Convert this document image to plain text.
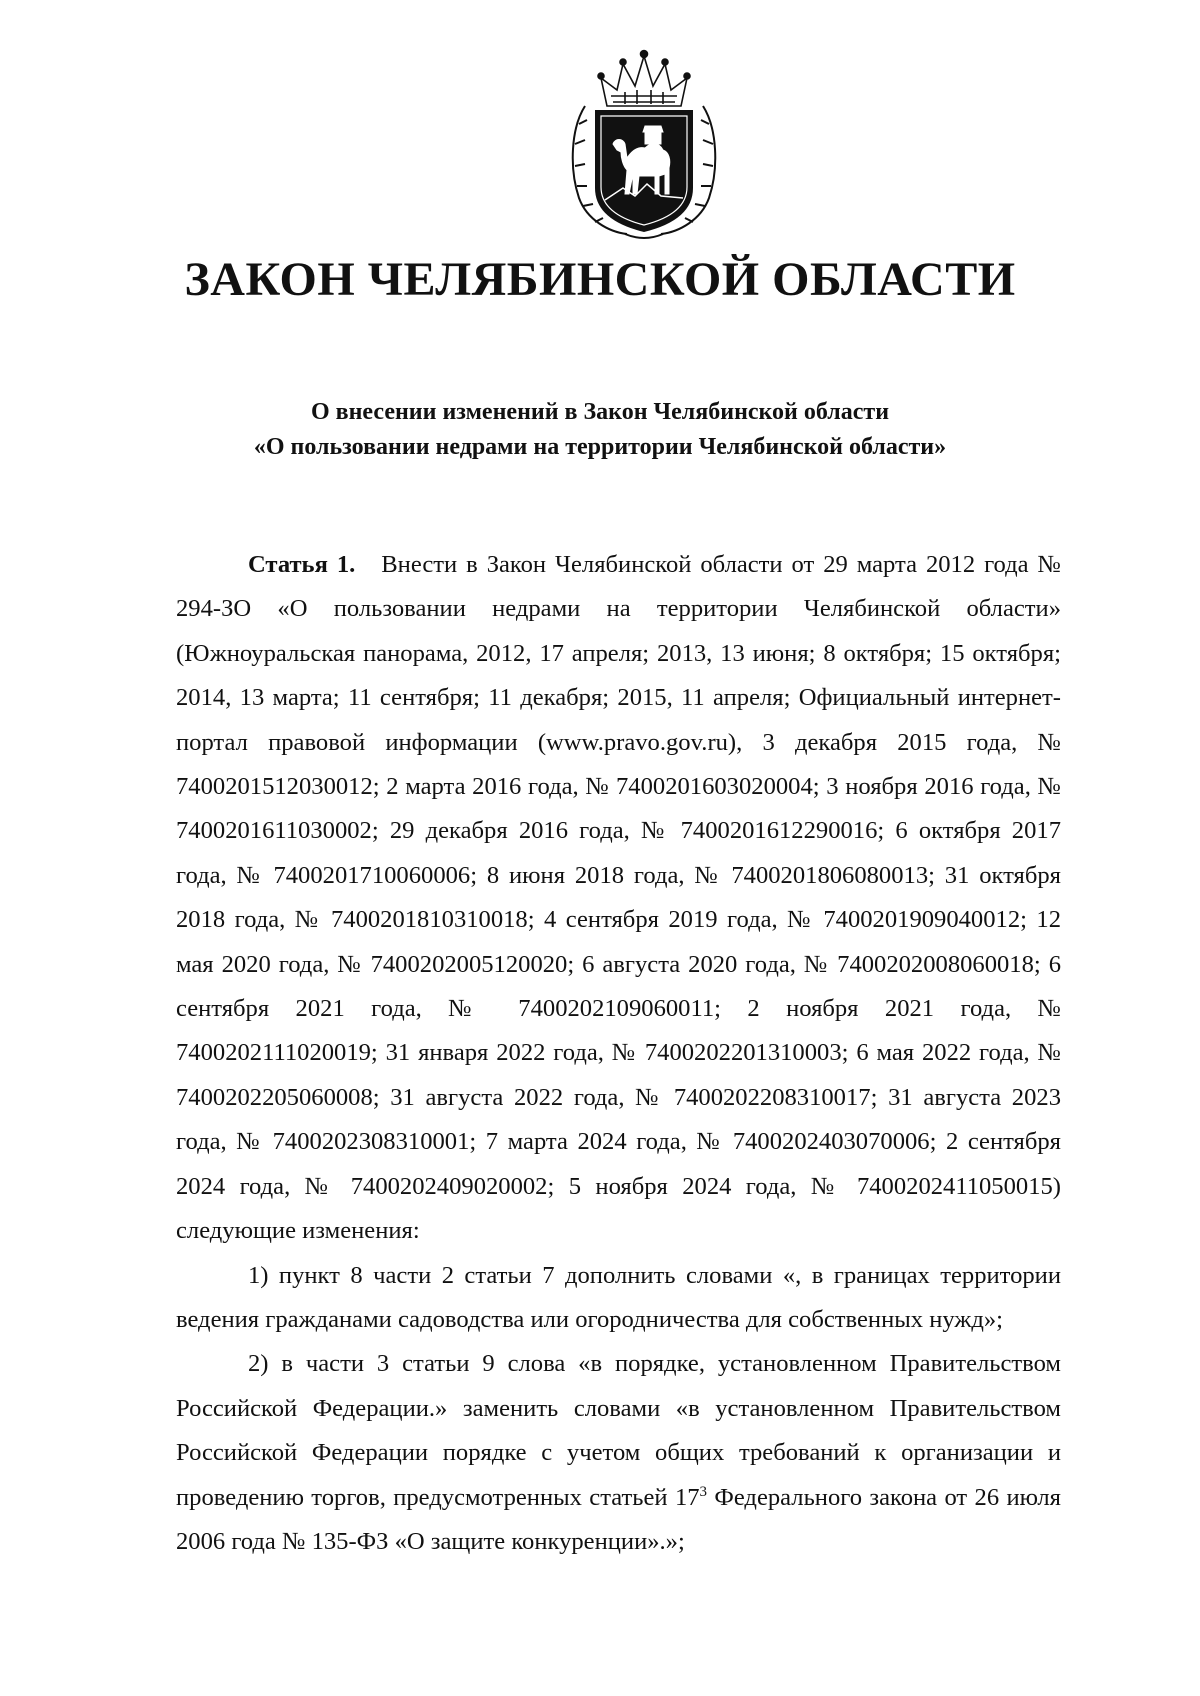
ЗАКОН ЧЕЛЯБИНСКОЙ ОБЛАСТИ
О внесении изменений в Закон Челябинской области
«О пользовании недрами на территории Челябинской области»

Статья 1. Внести в Закон Челябинской области от 29 марта 2012 года № 294-ЗО «О пользовании недрами на территории Челябинской области» (Южноуральская панорама, 2012, 17 апреля; 2013, 13 июня; 8 октября; 15 октября; 2014, 13 марта; 11 сентября; 11 декабря; 2015, 11 апреля; Официальный интернет-портал правовой информации (www.pravo.gov.ru), 3 декабря 2015 года, № 7400201512030012; 2 марта 2016 года, № 7400201603020004; 3 ноября 2016 года, № 7400201611030002; 29 декабря 2016 года, № 7400201612290016; 6 октября 2017 года, № 7400201710060006; 8 июня 2018 года, № 7400201806080013; 31 октября 2018 года, № 7400201810310018; 4 сентября 2019 года, № 7400201909040012; 12 мая 2020 года, № 7400202005120020; 6 августа 2020 года, № 7400202008060018; 6 сентября 2021 года, № 7400202109060011; 2 ноября 2021 года, № 7400202111020019; 31 января 2022 года, № 7400202201310003; 6 мая 2022 года, № 7400202205060008; 31 августа 2022 года, № 7400202208310017; 31 августа 2023 года, № 7400202308310001; 7 марта 2024 года, № 7400202403070006; 2 сентября 2024 года, № 7400202409020002; 5 ноября 2024 года, № 7400202411050015) следующие изменения:

1) пункт 8 части 2 статьи 7 дополнить словами «, в границах территории ведения гражданами садоводства или огородничества для собственных нужд»;

2) в части 3 статьи 9 слова «в порядке, установленном Правительством Российской Федерации.» заменить словами «в установленном Правительством Российской Федерации порядке с учетом общих требований к организации и проведению торгов, предусмотренных статьей $17^3$ Федерального закона от 26 июля 2006 года № 135-ФЗ «О защите конкуренции».»;
